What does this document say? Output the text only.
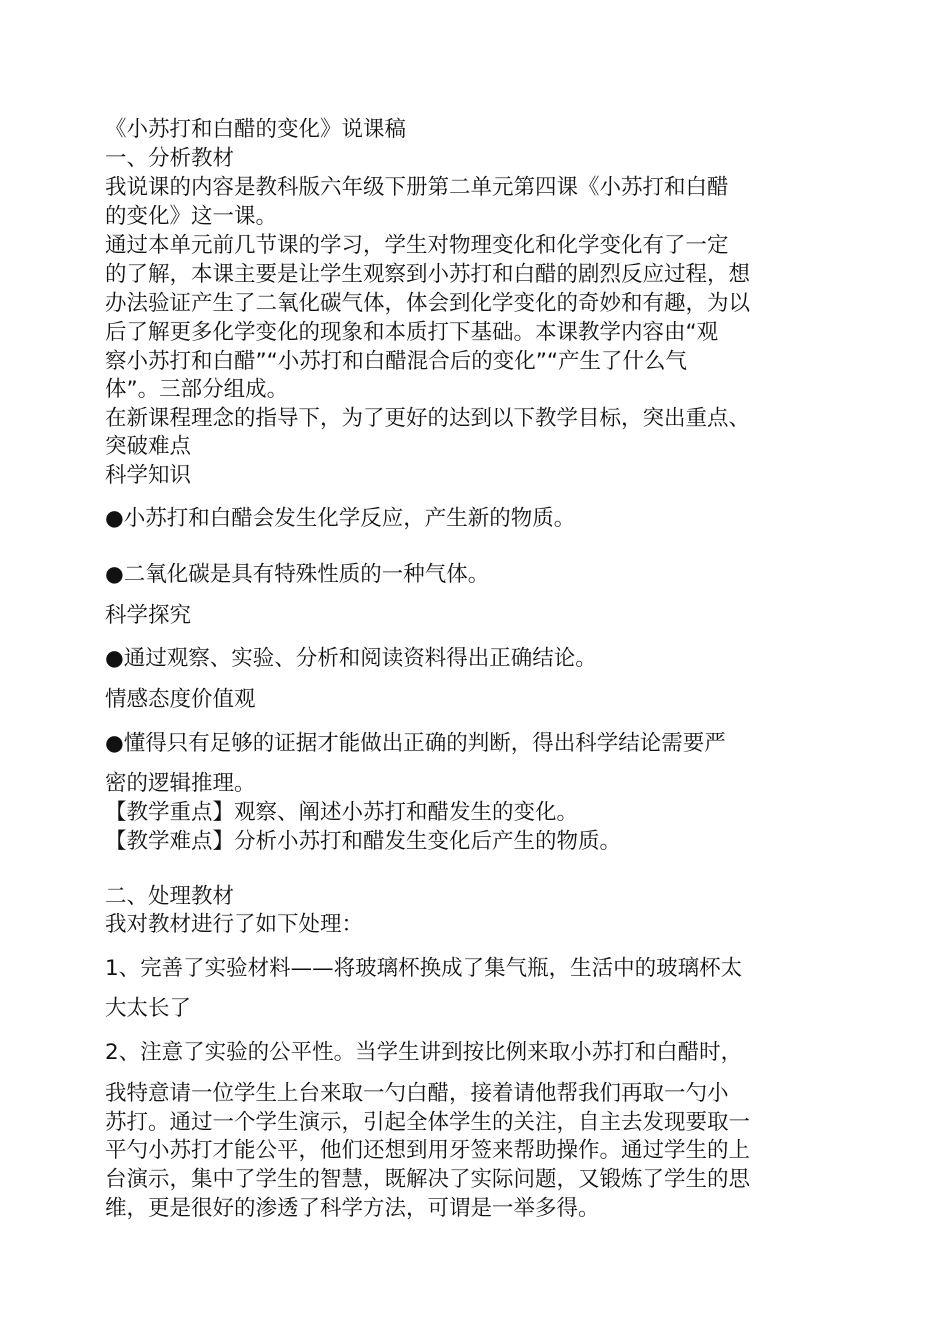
《小苏打和白醋的变化》说课稿

一、分析教材

我说课的内容是教科版六年级下册第二单元第四课《小苏打和白醋

的变化》这一课。

通过本单元前几节课的学习，学生对物理变化和化学变化有了一定

的了解，本课主要是让学生观察到小苏打和白醋的剧烈反应过程，想

办法验证产生了二氧化碳气体，体会到化学变化的奇妙和有趣，为以

后了解更多化学变化的现象和本质打下基础。本课教学内容由“观

察小苏打和白醋”“小苏打和白醋混合后的变化”“产生了什么气

体”。三部分组成。

在新课程理念的指导下，为了更好的达到以下教学目标，突出重点、

突破难点

科学知识

●小苏打和白醋会发生化学反应，产生新的物质。

●二氧化碳是具有特殊性质的一种气体。

科学探究

●通过观察、实验、分析和阅读资料得出正确结论。

情感态度价值观

●懂得只有足够的证据才能做出正确的判断，得出科学结论需要严

密的逻辑推理。

【教学重点】观察、阐述小苏打和醋发生的变化。

【教学难点】分析小苏打和醋发生变化后产生的物质。

二、处理教材

我对教材进行了如下处理：

1、完善了实验材料——将玻璃杯换成了集气瓶，生活中的玻璃杯太

大太长了

2、注意了实验的公平性。当学生讲到按比例来取小苏打和白醋时，

我特意请一位学生上台来取一勺白醋，接着请他帮我们再取一勺小

苏打。通过一个学生演示，引起全体学生的关注，自主去发现要取一

平勺小苏打才能公平，他们还想到用牙签来帮助操作。通过学生的上

台演示，集中了学生的智慧，既解决了实际问题，又锻炼了学生的思

维，更是很好的渗透了科学方法，可谓是一举多得。
